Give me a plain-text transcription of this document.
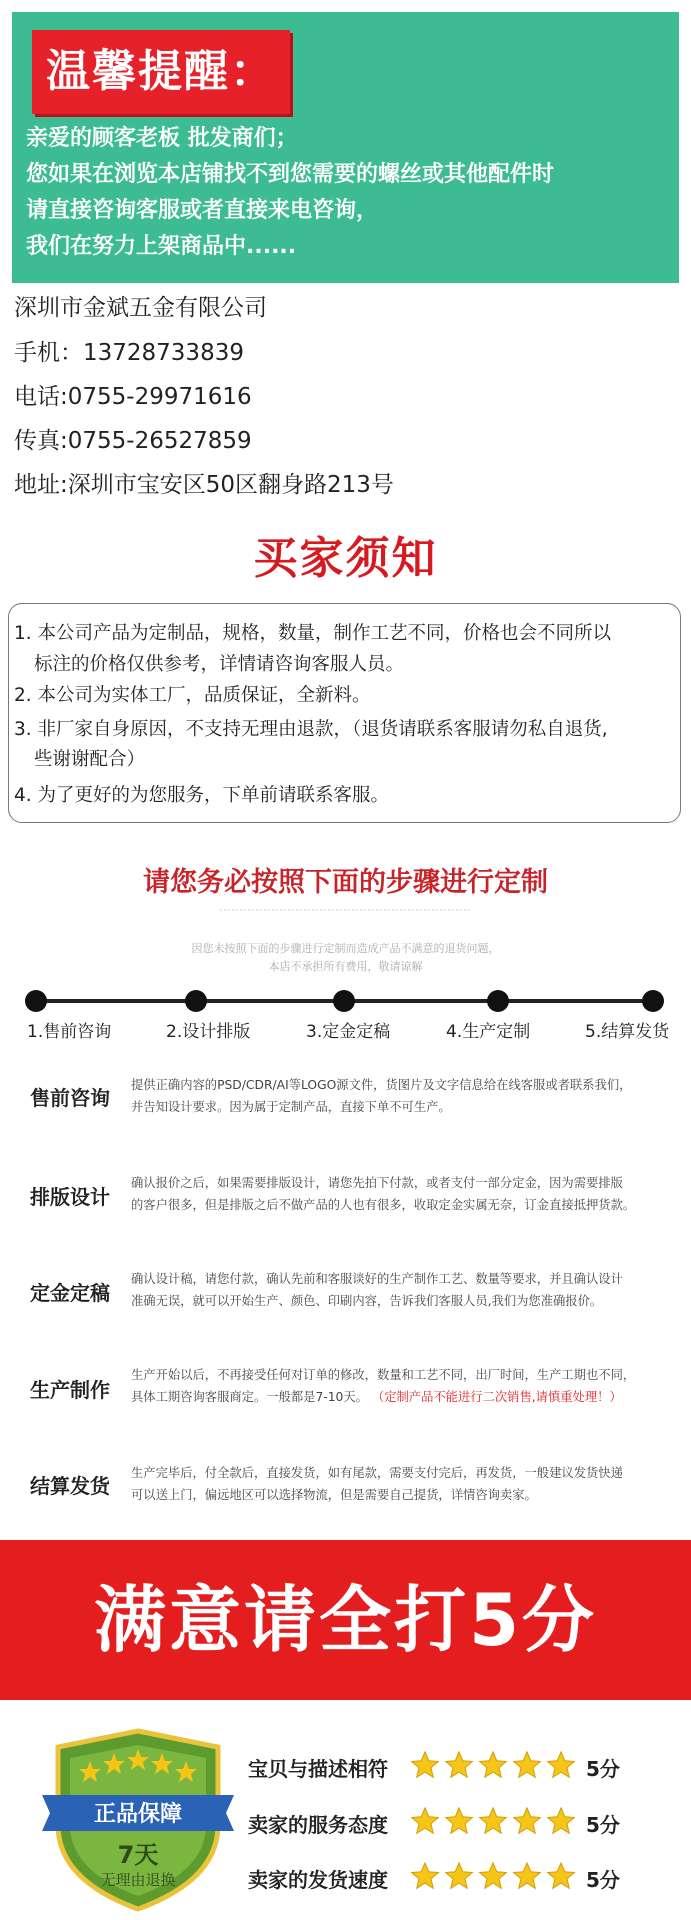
温馨提醒：
亲爱的顾客老板 批发商们；
您如果在浏览本店铺找不到您需要的螺丝或其他配件时
请直接咨询客服或者直接来电咨询，
我们在努力上架商品中......
深圳市金斌五金有限公司
手机：13728733839
电话:0755-29971616
传真:0755-26527859
地址:深圳市宝安区50区翻身路213号
买家须知
1. 本公司产品为定制品，规格，数量，制作工艺不同，价格也会不同所以
标注的价格仅供参考，详情请咨询客服人员。
2. 本公司为实体工厂，品质保证，全新料。
3. 非厂家自身原因，不支持无理由退款，（退货请联系客服请勿私自退货,
些谢谢配合）
4. 为了更好的为您服务，下单前请联系客服。
请您务必按照下面的步骤进行定制
因您未按照下面的步骤进行定制而造成产品不满意的退货问题，
本店不承担所有费用，敬请谅解
1.售前咨询	2.设计排版	3.定金定稿	4.生产定制	5.结算发货
售前咨询
提供正确内容的PSD/CDR/AI等LOGO源文件，货图片及文字信息给在线客服或者联系我们，
并告知设计要求。因为属于定制产品，直接下单不可生产。
排版设计
确认报价之后，如果需要排版设计，请您先拍下付款，或者支付一部分定金，因为需要排版
的客户很多，但是排版之后不做产品的人也有很多，收取定金实属无奈，订金直接抵押货款。
定金定稿
确认设计稿，请您付款，确认先前和客服谈好的生产制作工艺、数量等要求，并且确认设计
准确无误，就可以开始生产、颜色、印刷内容，告诉我们客服人员,我们为您准确报价。
生产制作
生产开始以后，不再接受任何对订单的修改，数量和工艺不同，出厂时间，生产工期也不同，
具体工期咨询客服商定。一般都是7-10天。 （定制产品不能进行二次销售,请慎重处理！）
结算发货
生产完毕后，付全款后，直接发货，如有尾款，需要支付完后，再发货，一般建议发货快递
可以送上门，偏远地区可以选择物流，但是需要自己提货，详情咨询卖家。
满意请全打5分
正品保障
7天
无理由退换
宝贝与描述相符	5分
卖家的服务态度	5分
卖家的发货速度	5分
